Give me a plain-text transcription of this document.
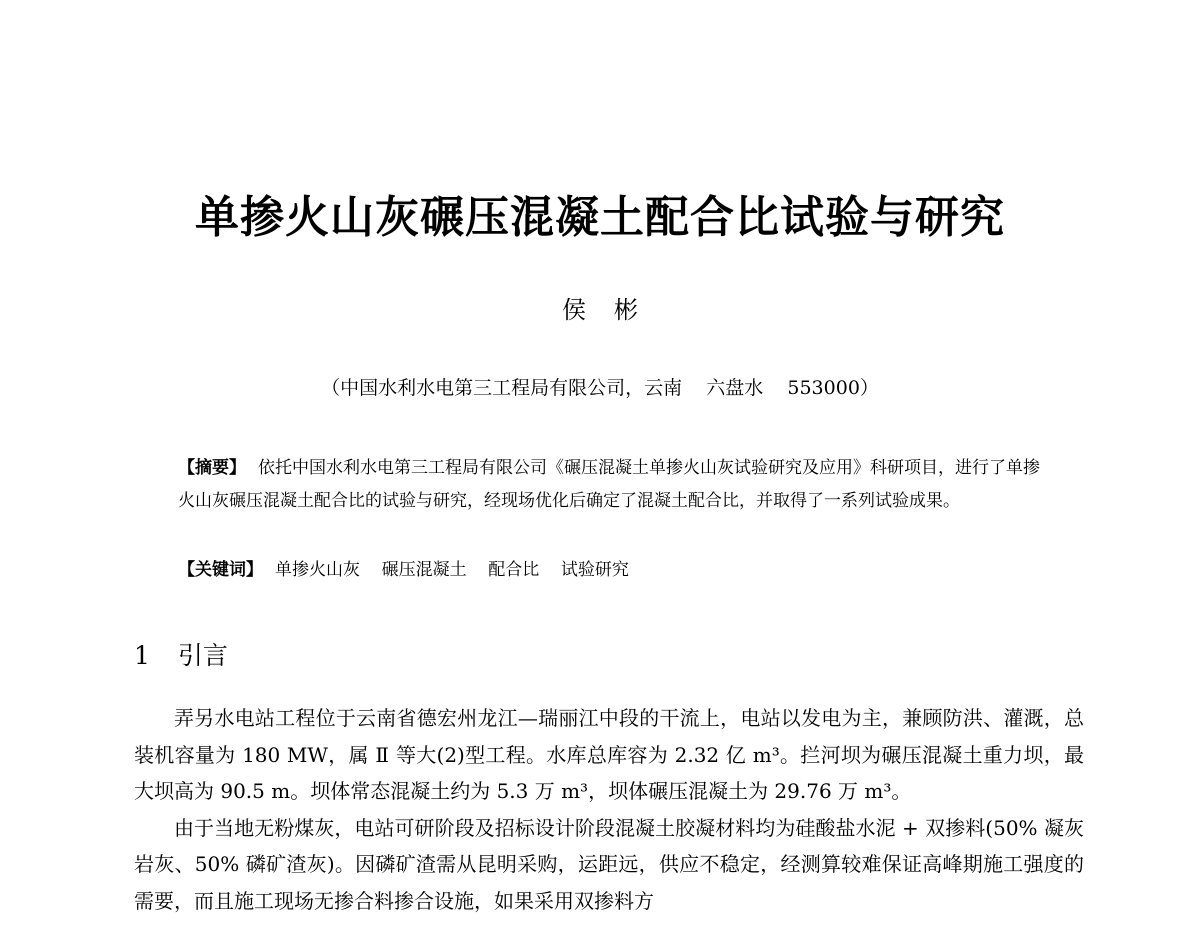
单掺火山灰碾压混凝土配合比试验与研究

侯彬

（中国水利水电第三工程局有限公司，云南    六盘水    553000）

【摘要】 依托中国水利水电第三工程局有限公司《碾压混凝土单掺火山灰试验研究及应用》科研项目，进行了单掺火山灰碾压混凝土配合比的试验与研究，经现场优化后确定了混凝土配合比，并取得了一系列试验成果。
【关键词】 单掺火山灰    碾压混凝土    配合比    试验研究
1 引言

弄另水电站工程位于云南省德宏州龙江—瑞丽江中段的干流上，电站以发电为主，兼顾防洪、灌溉，总装机容量为 180 MW，属 Ⅱ 等大(2)型工程。水库总库容为 2.32 亿 m³。拦河坝为碾压混凝土重力坝，最大坝高为 90.5 m。坝体常态混凝土约为 5.3 万 m³，坝体碾压混凝土为 29.76 万 m³。

由于当地无粉煤灰，电站可研阶段及招标设计阶段混凝土胶凝材料均为硅酸盐水泥 + 双掺料(50% 凝灰岩灰、50% 磷矿渣灰)。因磷矿渣需从昆明采购，运距远，供应不稳定，经测算较难保证高峰期施工强度的需要，而且施工现场无掺合料掺合设施，如果采用双掺料方
